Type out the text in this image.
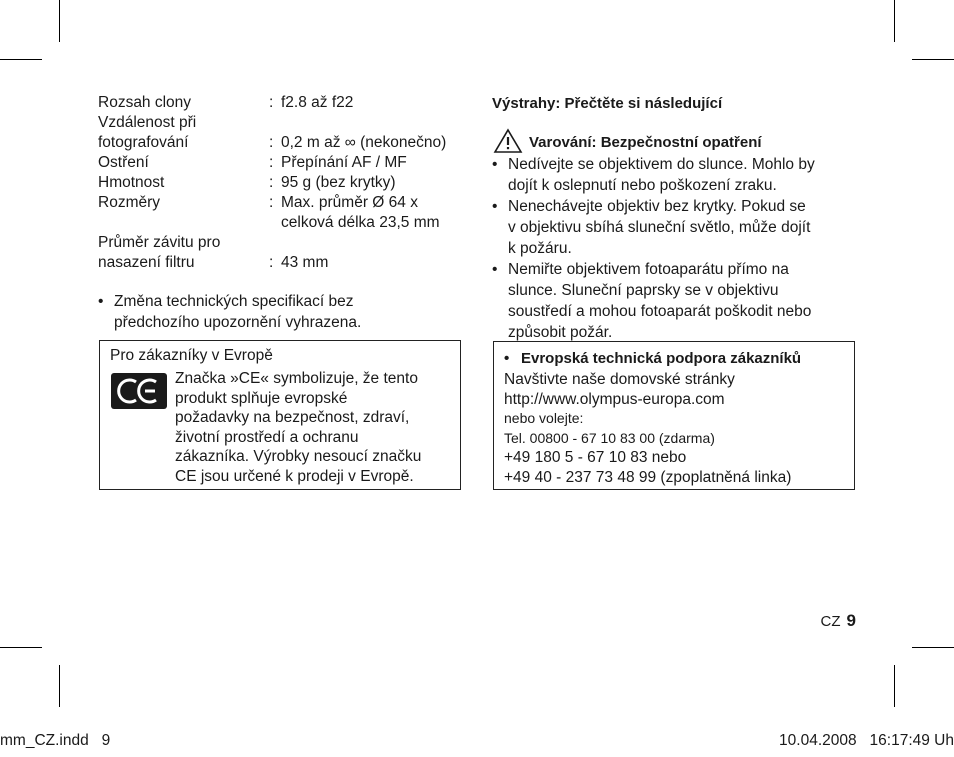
Rozsah clony	: f2.8 až f22
Vzdálenost při
fotografování	: 0,2 m až ∞ (nekonečno)
Ostření	: Přepínání AF / MF
Hmotnost	: 95 g (bez krytky)
Rozměry	: Max. průměr Ø 64 x
celková délka 23,5 mm
Průměr závitu pro
nasazení filtru	: 43 mm
• Změna technických specifikací bez
předchozího upozornění vyhrazena.
Pro zákazníky v Evropě
Značka »CE« symbolizuje, že tento
produkt splňuje evropské
požadavky na bezpečnost, zdraví,
životní prostředí a ochranu
zákazníka. Výrobky nesoucí značku
CE jsou určené k prodeji v Evropě.
Výstrahy: Přečtěte si následující
Varování: Bezpečnostní opatření
• Nedívejte se objektivem do slunce. Mohlo by
dojít k oslepnutí nebo poškození zraku.
• Nenechávejte objektiv bez krytky. Pokud se
v objektivu sbíhá sluneční světlo, může dojít
k požáru.
• Nemiřte objektivem fotoaparátu přímo na
slunce. Sluneční paprsky se v objektivu
soustředí a mohou fotoaparát poškodit nebo
způsobit požár.
• Evropská technická podpora zákazníků
Navštivte naše domovské stránky
http://www.olympus-europa.com
nebo volejte:
Tel. 00800 - 67 10 83 00 (zdarma)
+49 180 5 - 67 10 83 nebo
+49 40 - 237 73 48 99 (zpoplatněná linka)
CZ 9
mm_CZ.indd   9	10.04.2008   16:17:49 Uh
